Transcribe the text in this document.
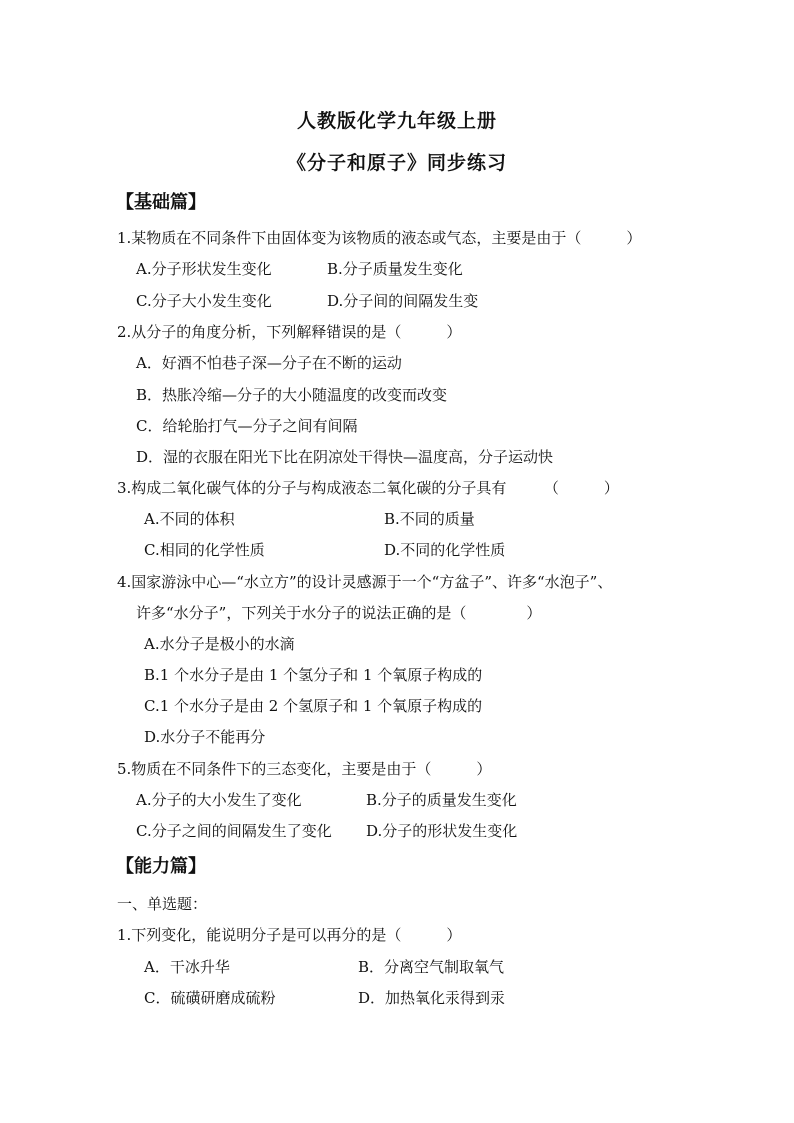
人教版化学九年级上册
《分子和原子》同步练习
【基础篇】
1.某物质在不同条件下由固体变为该物质的液态或气态，主要是由于（　　　）
A.分子形状发生变化	B.分子质量发生变化
C.分子大小发生变化	D.分子间的间隔发生变
2.从分子的角度分析，下列解释错误的是（　　　）
A．好酒不怕巷子深—分子在不断的运动
B．热胀冷缩—分子的大小随温度的改变而改变
C．给轮胎打气—分子之间有间隔
D．湿的衣服在阳光下比在阴凉处干得快—温度高，分子运动快
3.构成二氧化碳气体的分子与构成液态二氧化碳的分子具有　　　（　　　）
A.不同的体积	B.不同的质量
C.相同的化学性质	D.不同的化学性质
4.国家游泳中心—“水立方”的设计灵感源于一个“方盆子”、许多“水泡子”、
许多“水分子”，下列关于水分子的说法正确的是（　　　　）
A.水分子是极小的水滴
B.1 个水分子是由 1 个氢分子和 1 个氧原子构成的
C.1 个水分子是由 2 个氢原子和 1 个氧原子构成的
D.水分子不能再分
5.物质在不同条件下的三态变化，主要是由于（　　　）
A.分子的大小发生了变化	B.分子的质量发生变化
C.分子之间的间隔发生了变化 D.分子的形状发生变化
【能力篇】
一、单选题：
1.下列变化，能说明分子是可以再分的是（　　　）
A．干冰升华	B．分离空气制取氧气
C．硫磺研磨成硫粉	D．加热氧化汞得到汞
